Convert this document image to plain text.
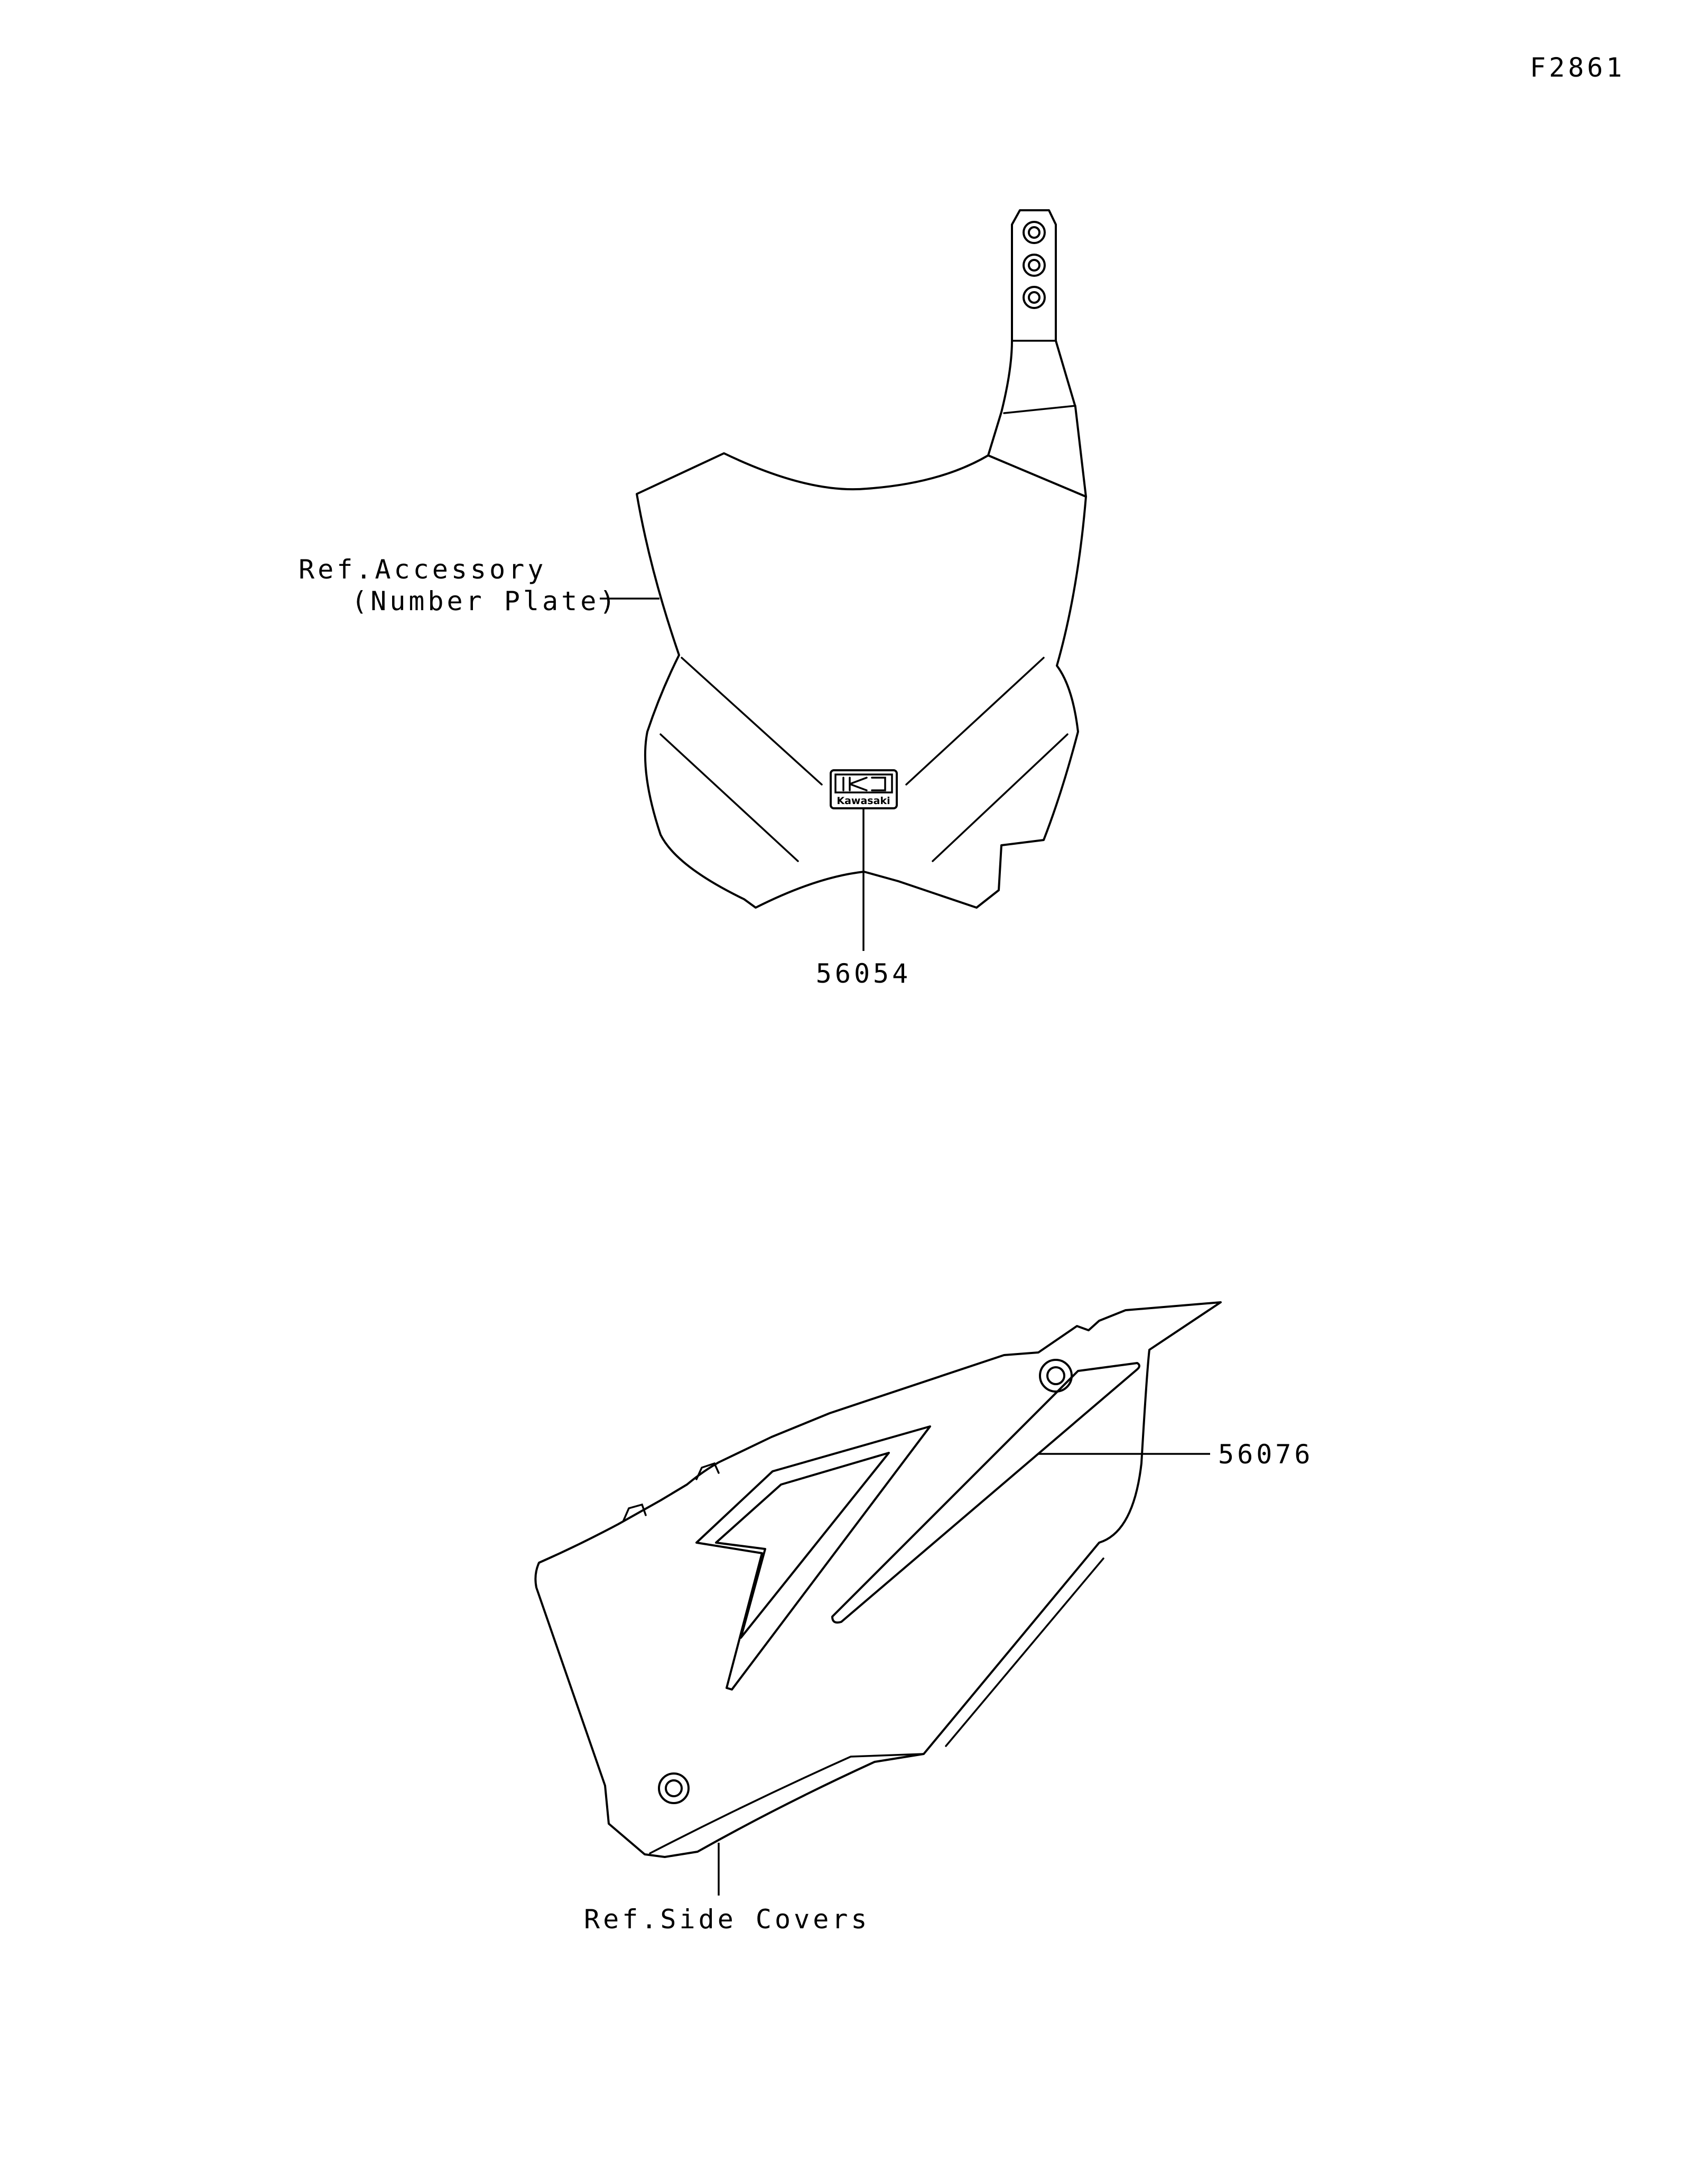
F2861
Kawasaki
Ref.Accessory
(Number Plate)
56054
56076
Ref.Side Covers
